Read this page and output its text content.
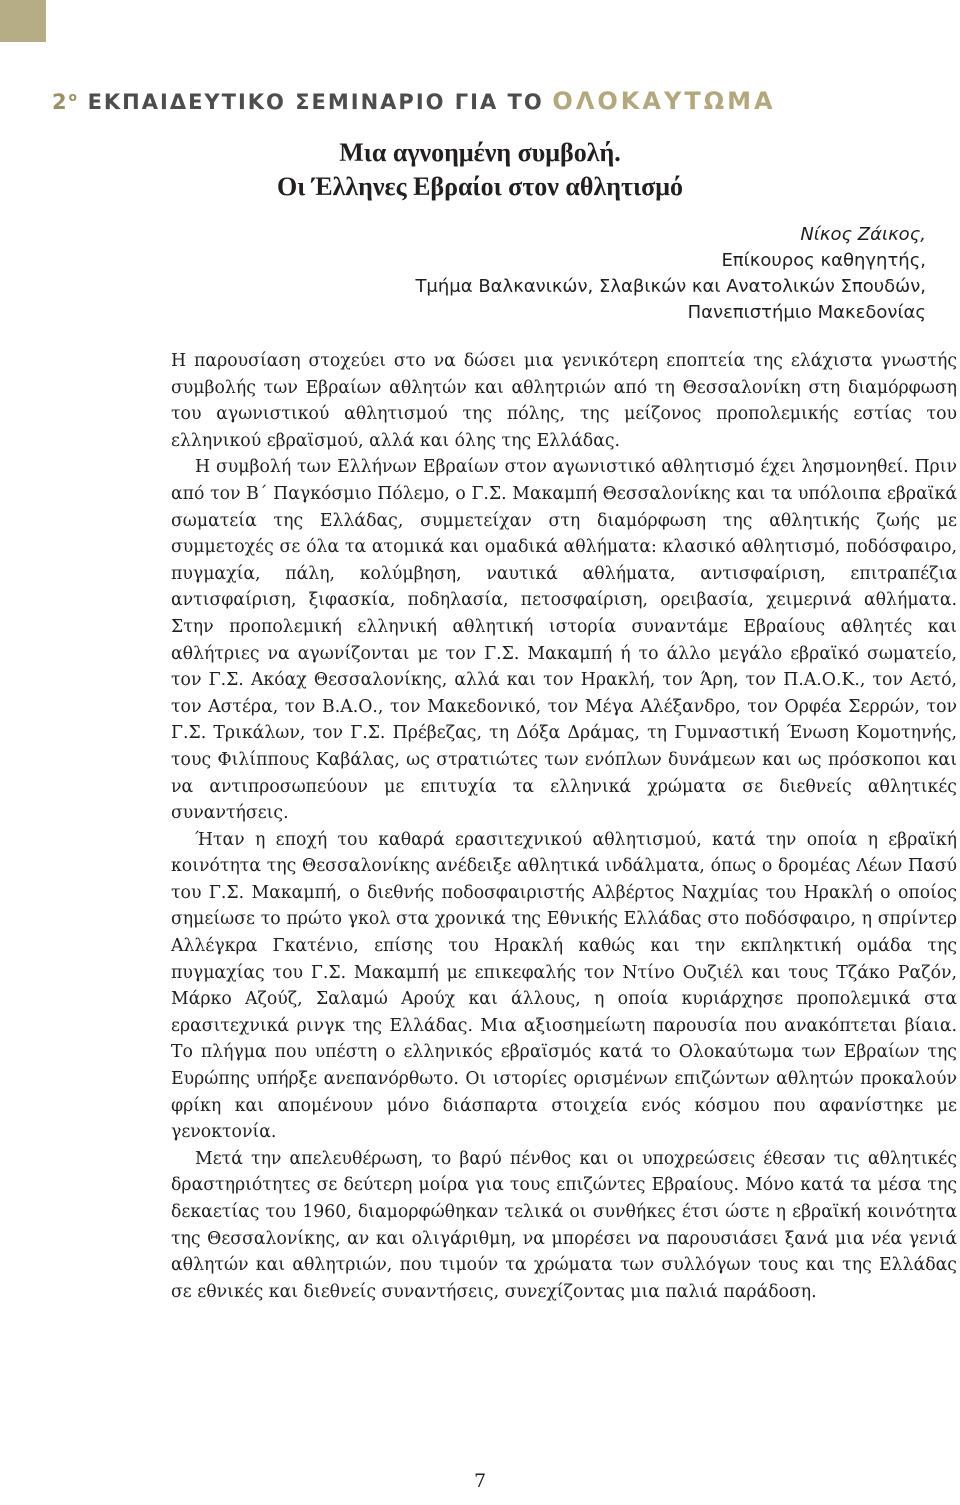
$2^o$ ΕΚΠΑΙΔΕΥΤΙΚΟ ΣΕΜΙΝΑΡΙΟ ΓΙΑ ΤΟ ΟΛΟΚΑΥΤΩΜΑ
Μια αγνοημένη συμβολή.
Οι Έλληνες Εβραίοι στον αθλητισμό
Νίκος Ζάικος,
Επίκουρος καθηγητής,
Τμήμα Βαλκανικών, Σλαβικών και Ανατολικών Σπουδών,
Πανεπιστήμιο Μακεδονίας

Η παρουσίαση στοχεύει στο να δώσει μια γενικότερη εποπτεία της ελάχιστα γνωστής συμβολής των Εβραίων αθλητών και αθλητριών από τη Θεσσαλονίκη στη διαμόρφωση του αγωνιστικού αθλητισμού της πόλης, της μείζονος προπολεμικής εστίας του ελληνικού εβραϊσμού, αλλά και όλης της Ελλάδας.

Η συμβολή των Ελλήνων Εβραίων στον αγωνιστικό αθλητισμό έχει λησμονηθεί. Πριν από τον Β΄ Παγκόσμιο Πόλεμο, ο Γ.Σ. Μακαμπή Θεσσαλονίκης και τα υπόλοιπα εβραϊκά σωματεία της Ελλάδας, συμμετείχαν στη διαμόρφωση της αθλητικής ζωής με συμμετοχές σε όλα τα ατομικά και ομαδικά αθλήματα: κλασικό αθλητισμό, ποδόσφαιρο, πυγμαχία, πάλη, κολύμβηση, ναυτικά αθλήματα, αντισφαίριση, επιτραπέζια αντισφαίριση, ξιφασκία, ποδηλασία, πετοσφαίριση, ορειβασία, χειμερινά αθλήματα. Στην προπολεμική ελληνική αθλητική ιστορία συναντάμε Εβραίους αθλητές και αθλήτριες να αγωνίζονται με τον Γ.Σ. Μακαμπή ή το άλλο μεγάλο εβραϊκό σωματείο, τον Γ.Σ. Ακόαχ Θεσσαλονίκης, αλλά και τον Ηρακλή, τον Άρη, τον Π.Α.Ο.Κ., τον Αετό, τον Αστέρα, τον Β.Α.Ο., τον Μακεδονικό, τον Μέγα Αλέξανδρο, τον Ορφέα Σερρών, τον Γ.Σ. Τρικάλων, τον Γ.Σ. Πρέβεζας, τη Δόξα Δράμας, τη Γυμναστική Ένωση Κομοτηνής, τους Φιλίππους Καβάλας, ως στρατιώτες των ενόπλων δυνάμεων και ως πρόσκοποι και να αντιπροσωπεύουν με επιτυχία τα ελληνικά χρώματα σε διεθνείς αθλητικές συναντήσεις.

Ήταν η εποχή του καθαρά ερασιτεχνικού αθλητισμού, κατά την οποία η εβραϊκή κοινότητα της Θεσσαλονίκης ανέδειξε αθλητικά ινδάλματα, όπως ο δρομέας Λέων Πασύ του Γ.Σ. Μακαμπή, ο διεθνής ποδοσφαιριστής Αλβέρτος Ναχμίας του Ηρακλή ο οποίος σημείωσε το πρώτο γκολ στα χρονικά της Εθνικής Ελλάδας στο ποδόσφαιρο, η σπρίντερ Αλλέγκρα Γκατένιο, επίσης του Ηρακλή καθώς και την εκπληκτική ομάδα της πυγμαχίας του Γ.Σ. Μακαμπή με επικεφαλής τον Ντίνο Ουζιέλ και τους Τζάκο Ραζόν, Μάρκο Αζούζ, Σαλαμώ Αρούχ και άλλους, η οποία κυριάρχησε προπολεμικά στα ερασιτεχνικά ρινγκ της Ελλάδας. Μια αξιοσημείωτη παρουσία που ανακόπτεται βίαια. Το πλήγμα που υπέστη ο ελληνικός εβραϊσμός κατά το Ολοκαύτωμα των Εβραίων της Ευρώπης υπήρξε ανεπανόρθωτο. Οι ιστορίες ορισμένων επιζώντων αθλητών προκαλούν φρίκη και απομένουν μόνο διάσπαρτα στοιχεία ενός κόσμου που αφανίστηκε με γενοκτονία.

Μετά την απελευθέρωση, το βαρύ πένθος και οι υποχρεώσεις έθεσαν τις αθλητικές δραστηριότητες σε δεύτερη μοίρα για τους επιζώντες Εβραίους. Μόνο κατά τα μέσα της δεκαετίας του 1960, διαμορφώθηκαν τελικά οι συνθήκες έτσι ώστε η εβραϊκή κοινότητα της Θεσσαλονίκης, αν και ολιγάριθμη, να μπορέσει να παρουσιάσει ξανά μια νέα γενιά αθλητών και αθλητριών, που τιμούν τα χρώματα των συλλόγων τους και της Ελλάδας σε εθνικές και διεθνείς συναντήσεις, συνεχίζοντας μια παλιά παράδοση.

7
